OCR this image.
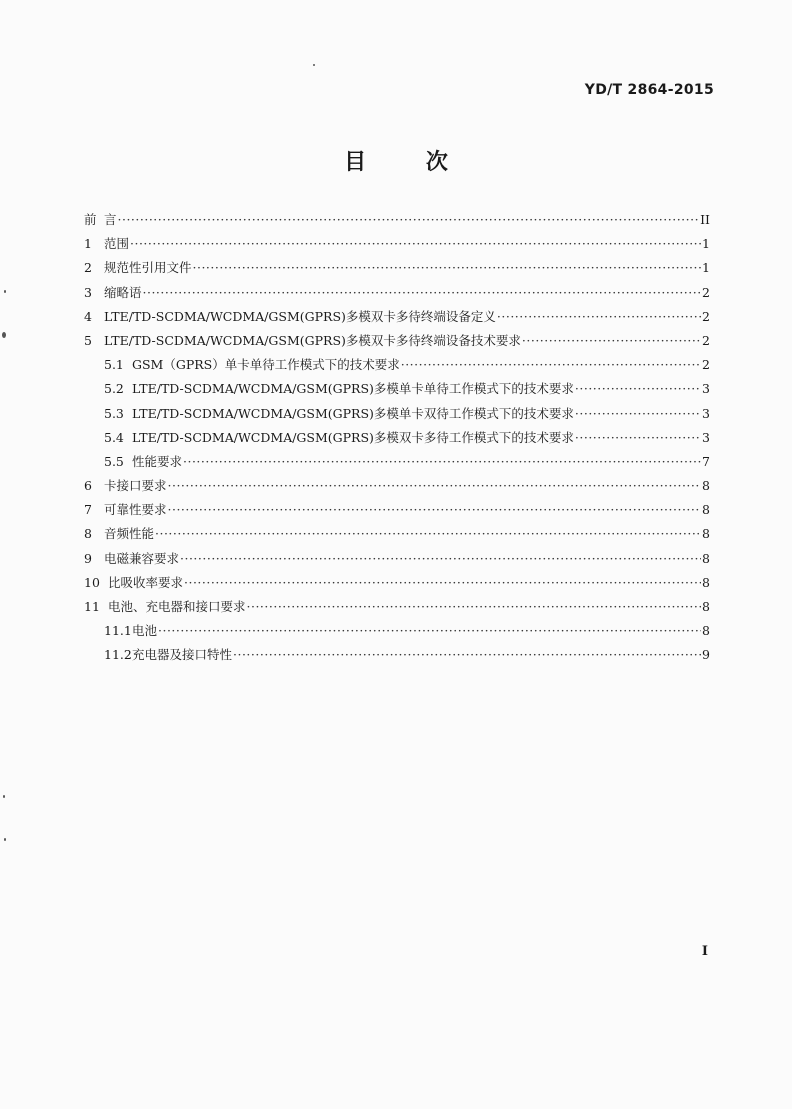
YD/T 2864-2015
目 次
前 言 ·····	II
1 范围 ·····	1
2 规范性引用文件 ·····	1
3 缩略语 ·····	2
4 LTE/TD-SCDMA/WCDMA/GSM(GPRS)多模双卡多待终端设备定义 ·····	2
5 LTE/TD-SCDMA/WCDMA/GSM(GPRS)多模双卡多待终端设备技术要求 ·····	2
5.1 GSM（GPRS）单卡单待工作模式下的技术要求 ·····	2
5.2 LTE/TD-SCDMA/WCDMA/GSM(GPRS)多模单卡单待工作模式下的技术要求 ·····	3
5.3 LTE/TD-SCDMA/WCDMA/GSM(GPRS)多模单卡双待工作模式下的技术要求 ·····	3
5.4 LTE/TD-SCDMA/WCDMA/GSM(GPRS)多模双卡多待工作模式下的技术要求 ·····	3
5.5 性能要求 ·····	7
6 卡接口要求 ·····	8
7 可靠性要求 ·····	8
8 音频性能 ·····	8
9 电磁兼容要求 ·····	8
10 比吸收率要求 ·····	8
11 电池、充电器和接口要求 ·····	8
11.1 电池 ·····	8
11.2 充电器及接口特性 ·····	9
I
